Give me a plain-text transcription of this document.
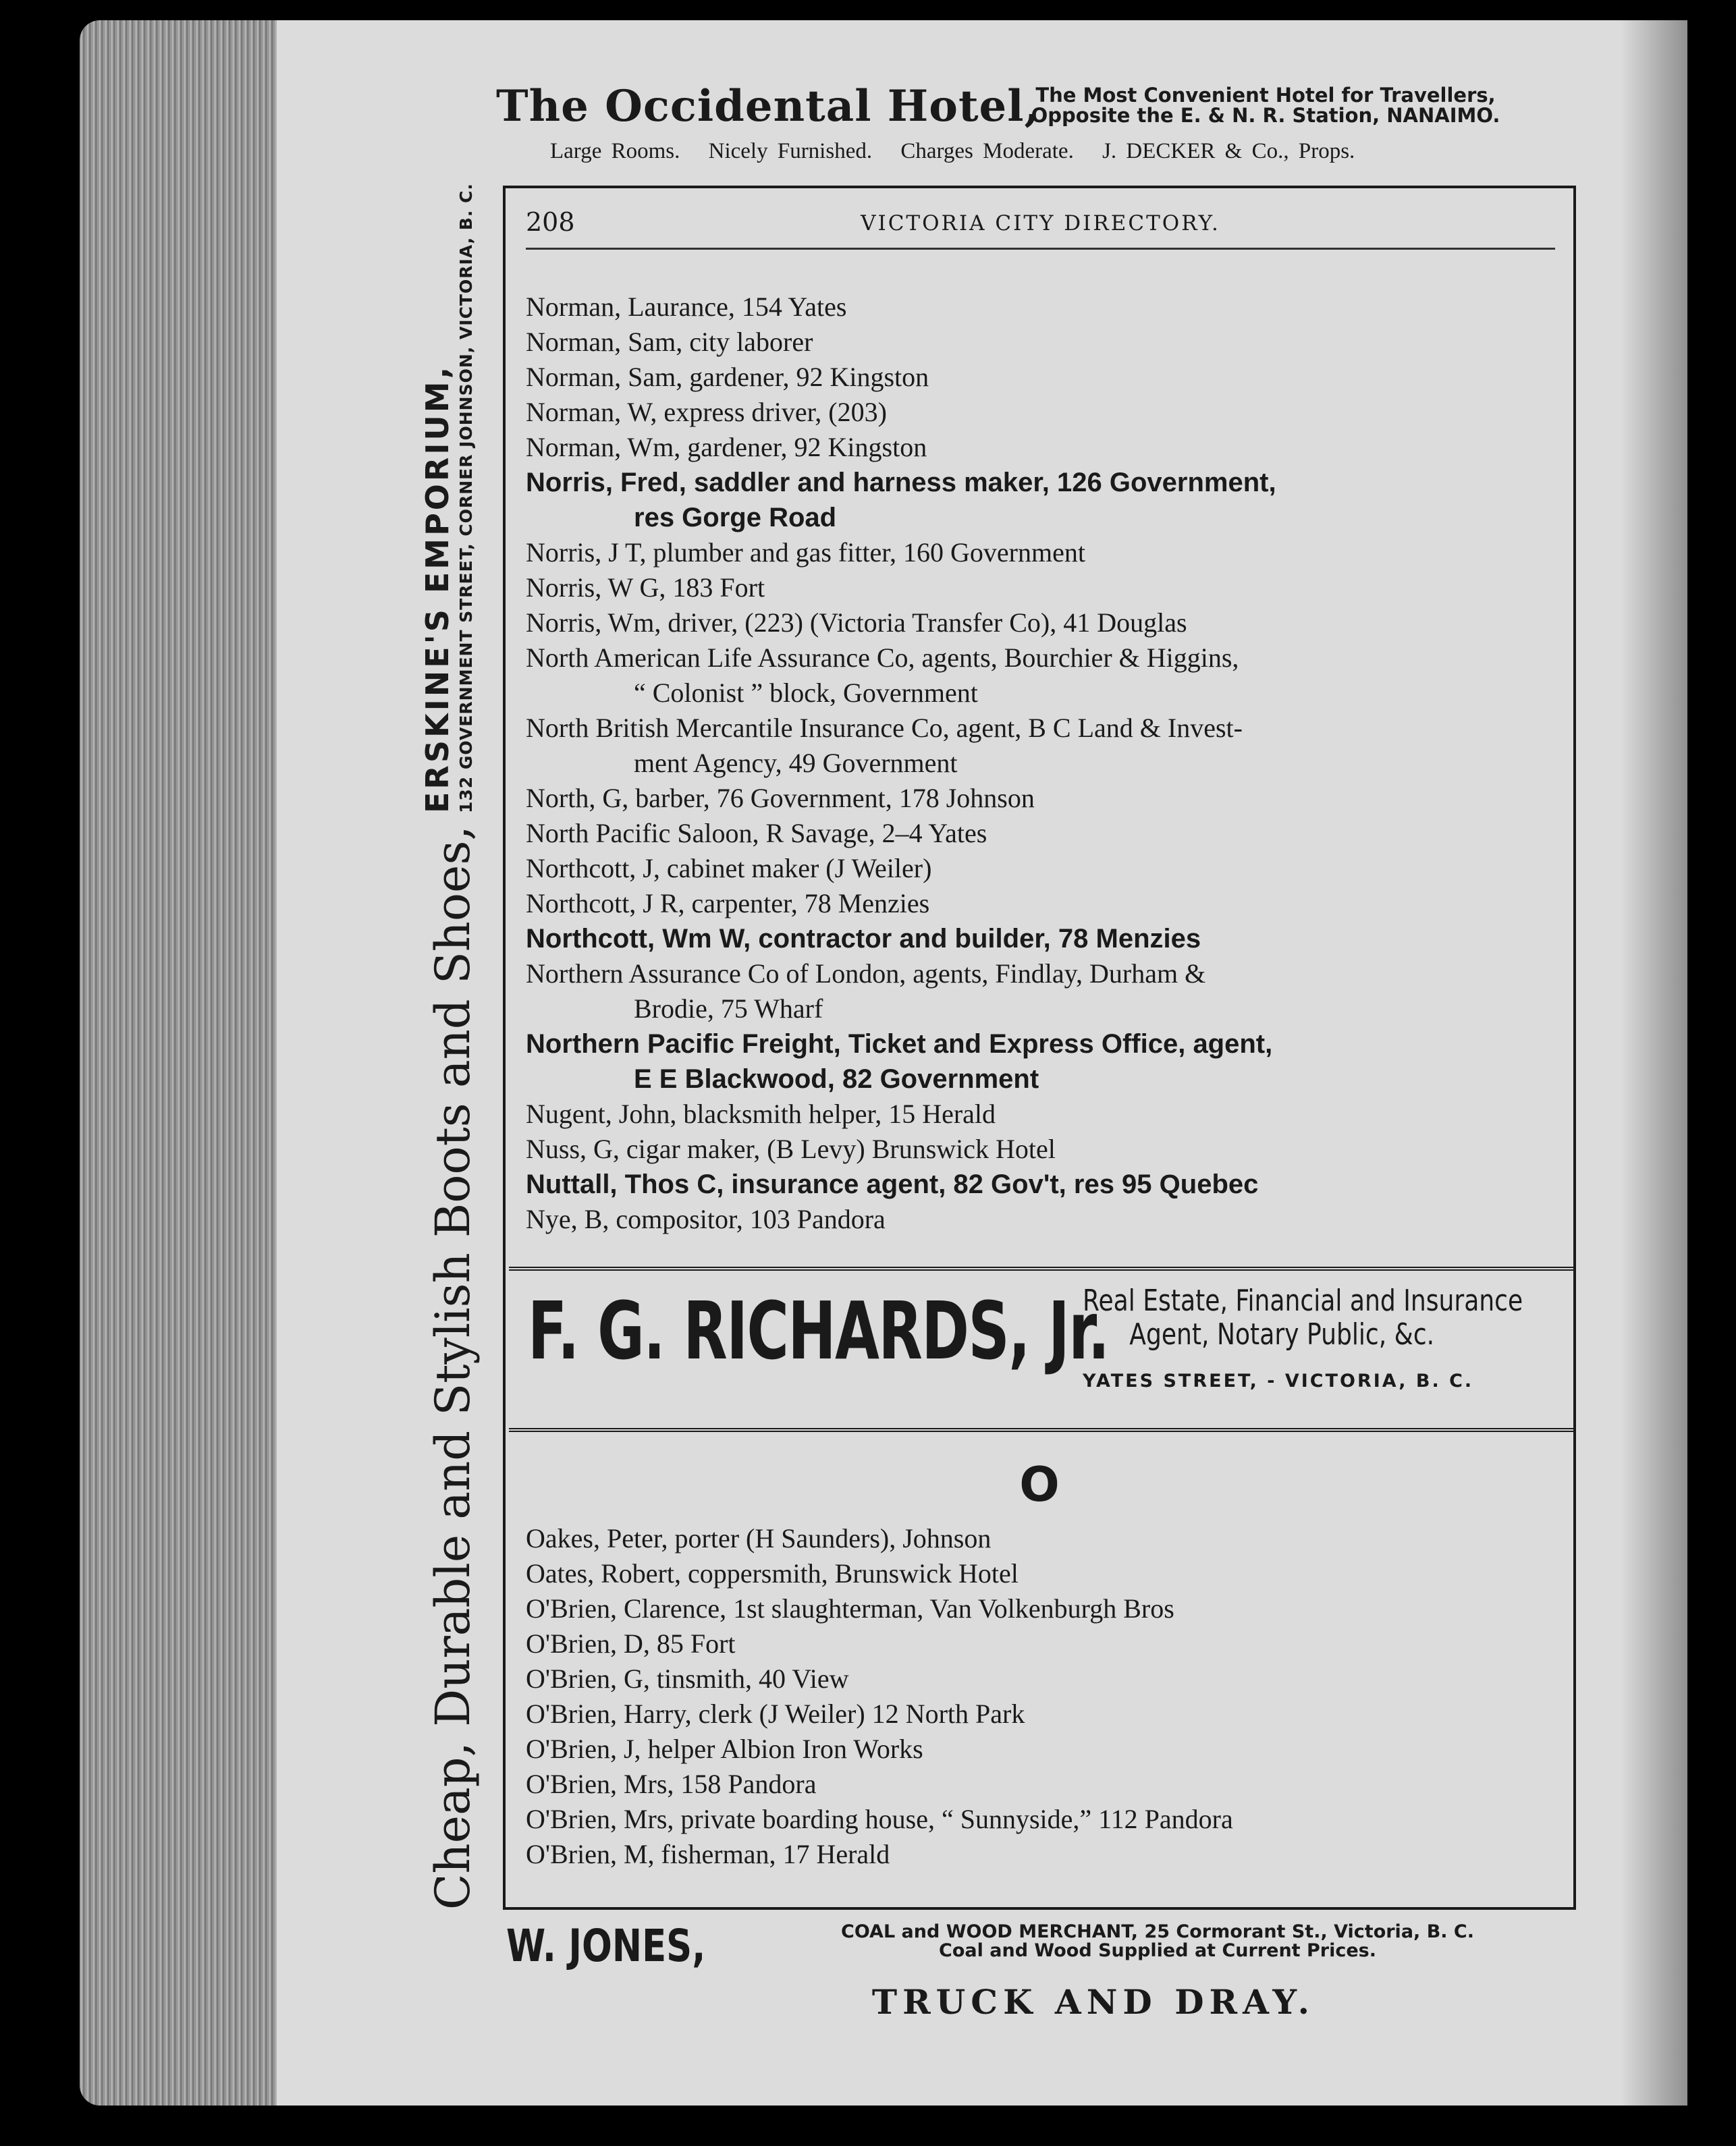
The Occidental Hotel,
The Most Convenient Hotel for Travellers,
Opposite the E. & N. R. Station, NANAIMO.
Large Rooms. Nicely Furnished. Charges Moderate. J. DECKER & Co., Props.
208	VICTORIA CITY DIRECTORY.
Norman, Laurance, 154 Yates
Norman, Sam, city laborer
Norman, Sam, gardener, 92 Kingston
Norman, W, express driver, (203)
Norman, Wm, gardener, 92 Kingston
Norris, Fred, saddler and harness maker, 126 Government,
res Gorge Road
Norris, J T, plumber and gas fitter, 160 Government
Norris, W G, 183 Fort
Norris, Wm, driver, (223) (Victoria Transfer Co), 41 Douglas
North American Life Assurance Co, agents, Bourchier & Higgins,
“ Colonist ” block, Government
North British Mercantile Insurance Co, agent, B C Land & Invest-
ment Agency, 49 Government
North, G, barber, 76 Government, 178 Johnson
North Pacific Saloon, R Savage, 2–4 Yates
Northcott, J, cabinet maker (J Weiler)
Northcott, J R, carpenter, 78 Menzies
Northcott, Wm W, contractor and builder, 78 Menzies
Northern Assurance Co of London, agents, Findlay, Durham &
Brodie, 75 Wharf
Northern Pacific Freight, Ticket and Express Office, agent,
E E Blackwood, 82 Government
Nugent, John, blacksmith helper, 15 Herald
Nuss, G, cigar maker, (B Levy) Brunswick Hotel
Nuttall, Thos C, insurance agent, 82 Gov't, res 95 Quebec
Nye, B, compositor, 103 Pandora
F. G. RICHARDS, Jr.
Real Estate, Financial and Insurance
Agent, Notary Public, &c.
YATES STREET, - VICTORIA, B. C.
O
Oakes, Peter, porter (H Saunders), Johnson
Oates, Robert, coppersmith, Brunswick Hotel
O'Brien, Clarence, 1st slaughterman, Van Volkenburgh Bros
O'Brien, D, 85 Fort
O'Brien, G, tinsmith, 40 View
O'Brien, Harry, clerk (J Weiler) 12 North Park
O'Brien, J, helper Albion Iron Works
O'Brien, Mrs, 158 Pandora
O'Brien, Mrs, private boarding house, “ Sunnyside,” 112 Pandora
O'Brien, M, fisherman, 17 Herald
Cheap, Durable and Stylish Boots and Shoes,
ERSKINE'S EMPORIUM, 132 GOVERNMENT STREET, CORNER JOHNSON, VICTORIA, B. C.
W. JONES,	COAL and WOOD MERCHANT, 25 Cormorant St., Victoria, B. C.
Coal and Wood Supplied at Current Prices.
TRUCK AND DRAY.
